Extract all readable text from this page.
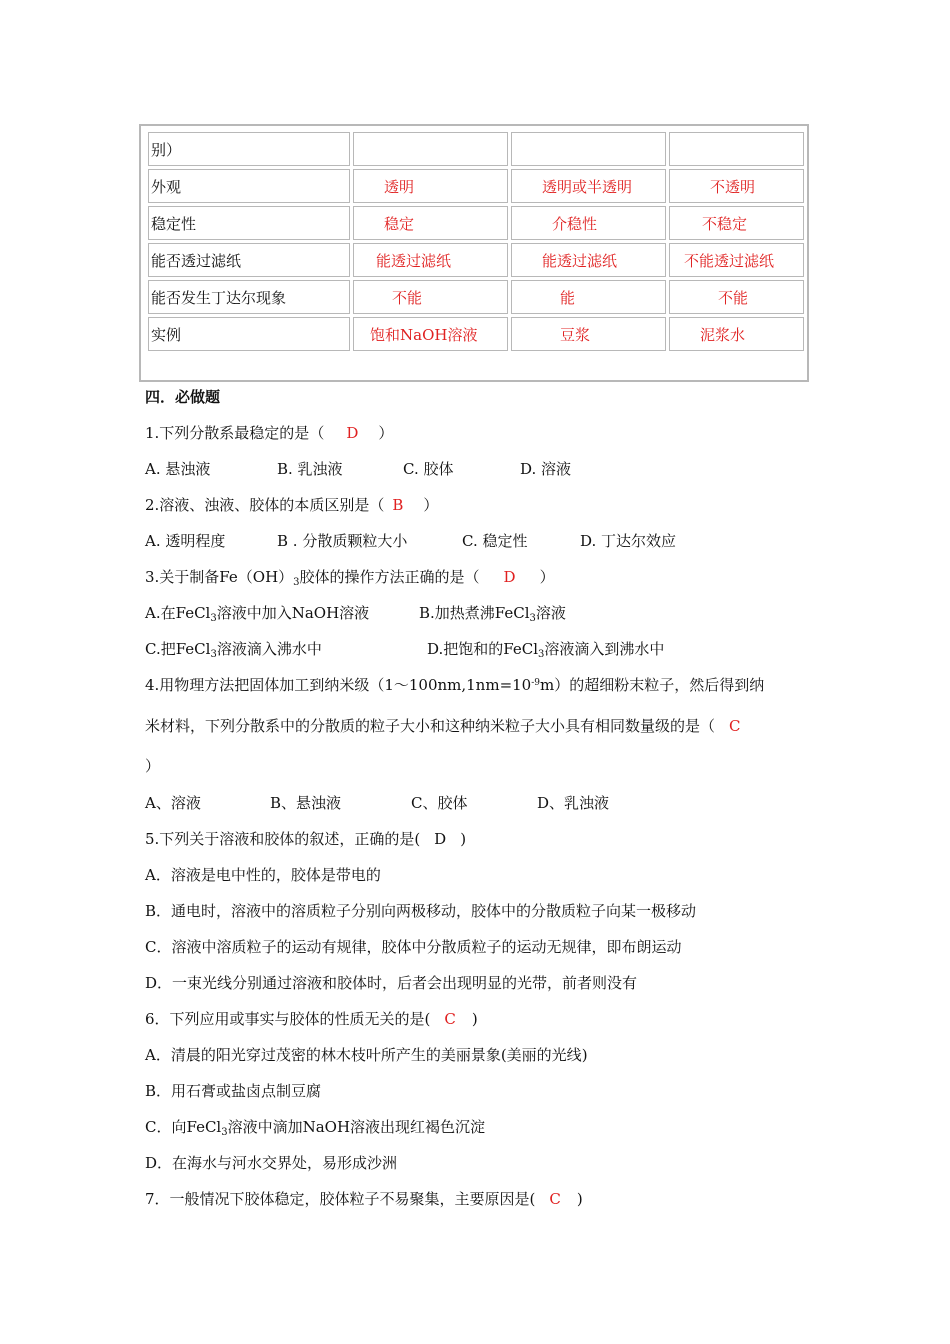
别）			
外观	透明	透明或半透明	不透明
稳定性	稳定	介稳性	不稳定
能否透过滤纸	能透过滤纸	能透过滤纸	不能透过滤纸
能否发生丁达尔现象	不能	能	不能
实例	饱和NaOH溶液	豆浆	泥浆水
四．必做题
1.下列分散系最稳定的是（ D ）
A. 悬浊液	B. 乳浊液	C. 胶体	D. 溶液
2.溶液、浊液、胶体的本质区别是（ B ）
A. 透明程度	B . 分散质颗粒大小	C. 稳定性	D. 丁达尔效应
3.关于制备$Fe(OH)_3$胶体的操作方法正确的是（ D ）
A.在FeCl$_3$溶液中加入NaOH溶液	B.加热煮沸FeCl$_3$溶液
C.把FeCl$_3$溶液滴入沸水中	D.把饱和的FeCl$_3$溶液滴入到沸水中
4.用物理方法把固体加工到纳米级$(1\sim 100nm,1nm=10^{-9}m)$的超细粉末粒子，然后得到纳
米材料，下列分散系中的分散质的粒子大小和这种纳米粒子大小具有相同数量级的是（ C
）
A、溶液	B、悬浊液	C、胶体	D、乳浊液
5.下列关于溶液和胶体的叙述，正确的是( D )
A．溶液是电中性的，胶体是带电的
B．通电时，溶液中的溶质粒子分别向两极移动，胶体中的分散质粒子向某一极移动
C．溶液中溶质粒子的运动有规律，胶体中分散质粒子的运动无规律，即布朗运动
D．一束光线分别通过溶液和胶体时，后者会出现明显的光带，前者则没有
6．下列应用或事实与胶体的性质无关的是( C )
A．清晨的阳光穿过茂密的林木枝叶所产生的美丽景象(美丽的光线)
B．用石膏或盐卤点制豆腐
C．向FeCl$_3$溶液中滴加NaOH溶液出现红褐色沉淀
D．在海水与河水交界处，易形成沙洲
7．一般情况下胶体稳定，胶体粒子不易聚集，主要原因是( C )
